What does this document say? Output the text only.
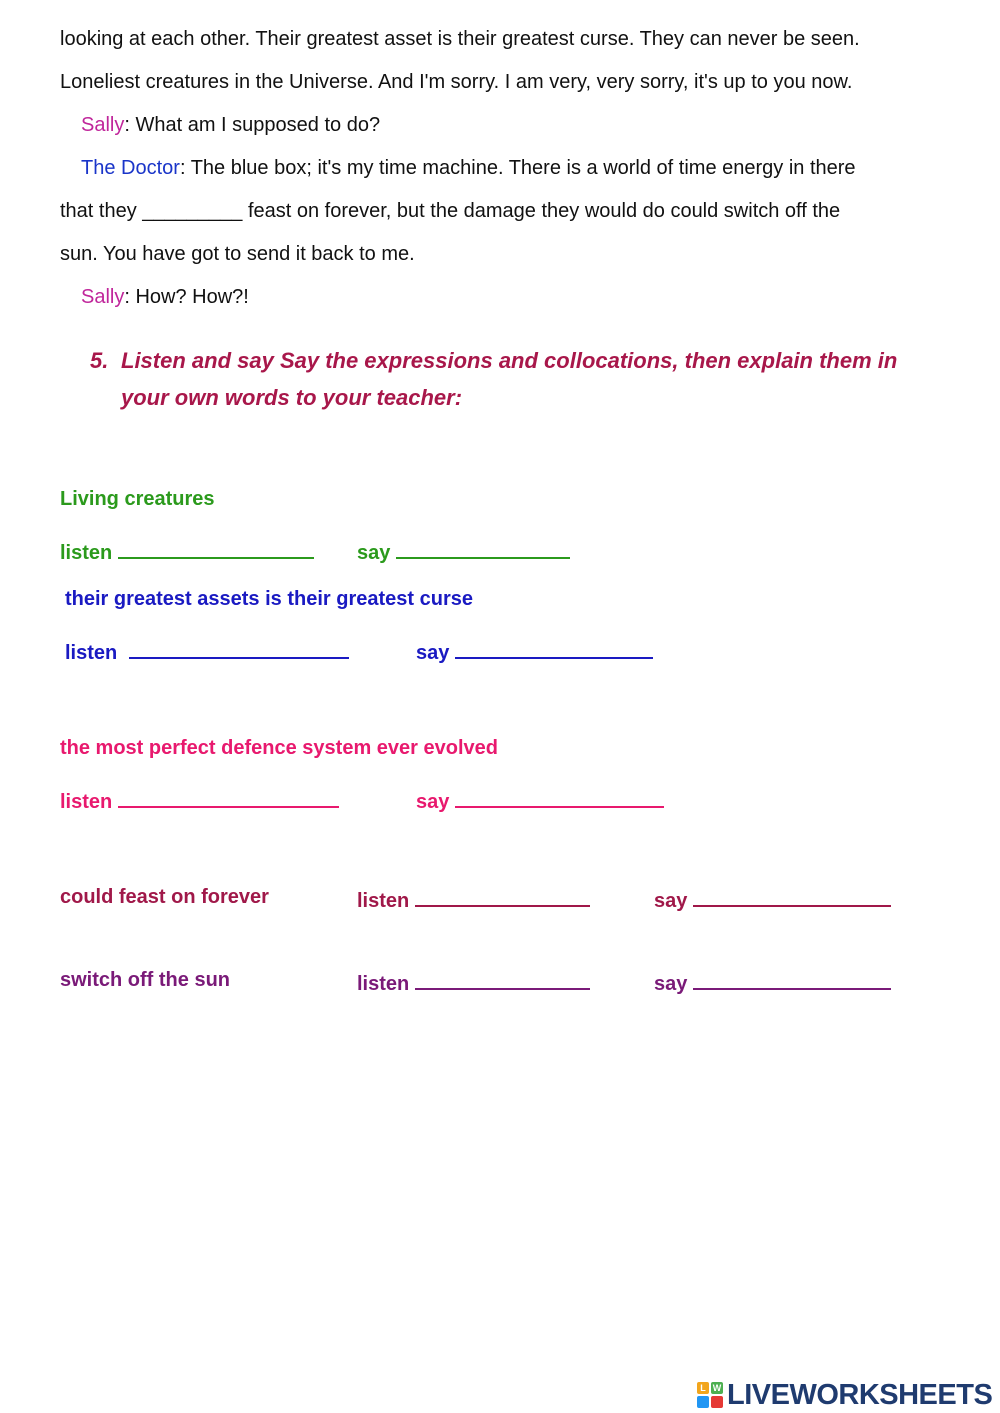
looking at each other. Their greatest asset is their greatest curse. They can never be seen.
Loneliest creatures in the Universe. And I'm sorry. I am very, very sorry, it's up to you now.
Sally: What am I supposed to do?
The Doctor: The blue box; it's my time machine. There is a world of time energy in there
that they _________ feast on forever, but the damage they would do could switch off the
sun. You have got to send it back to me.
Sally: How? How?!
5. Listen and say Say the expressions and collocations, then explain them in your own words to your teacher:
Living creatures
listen	say
their greatest assets is their greatest curse
listen	say
the most perfect defence system ever evolved
listen	say
could feast on forever	listen	say
switch off the sun	listen	say
L W LIVEWORKSHEETS
